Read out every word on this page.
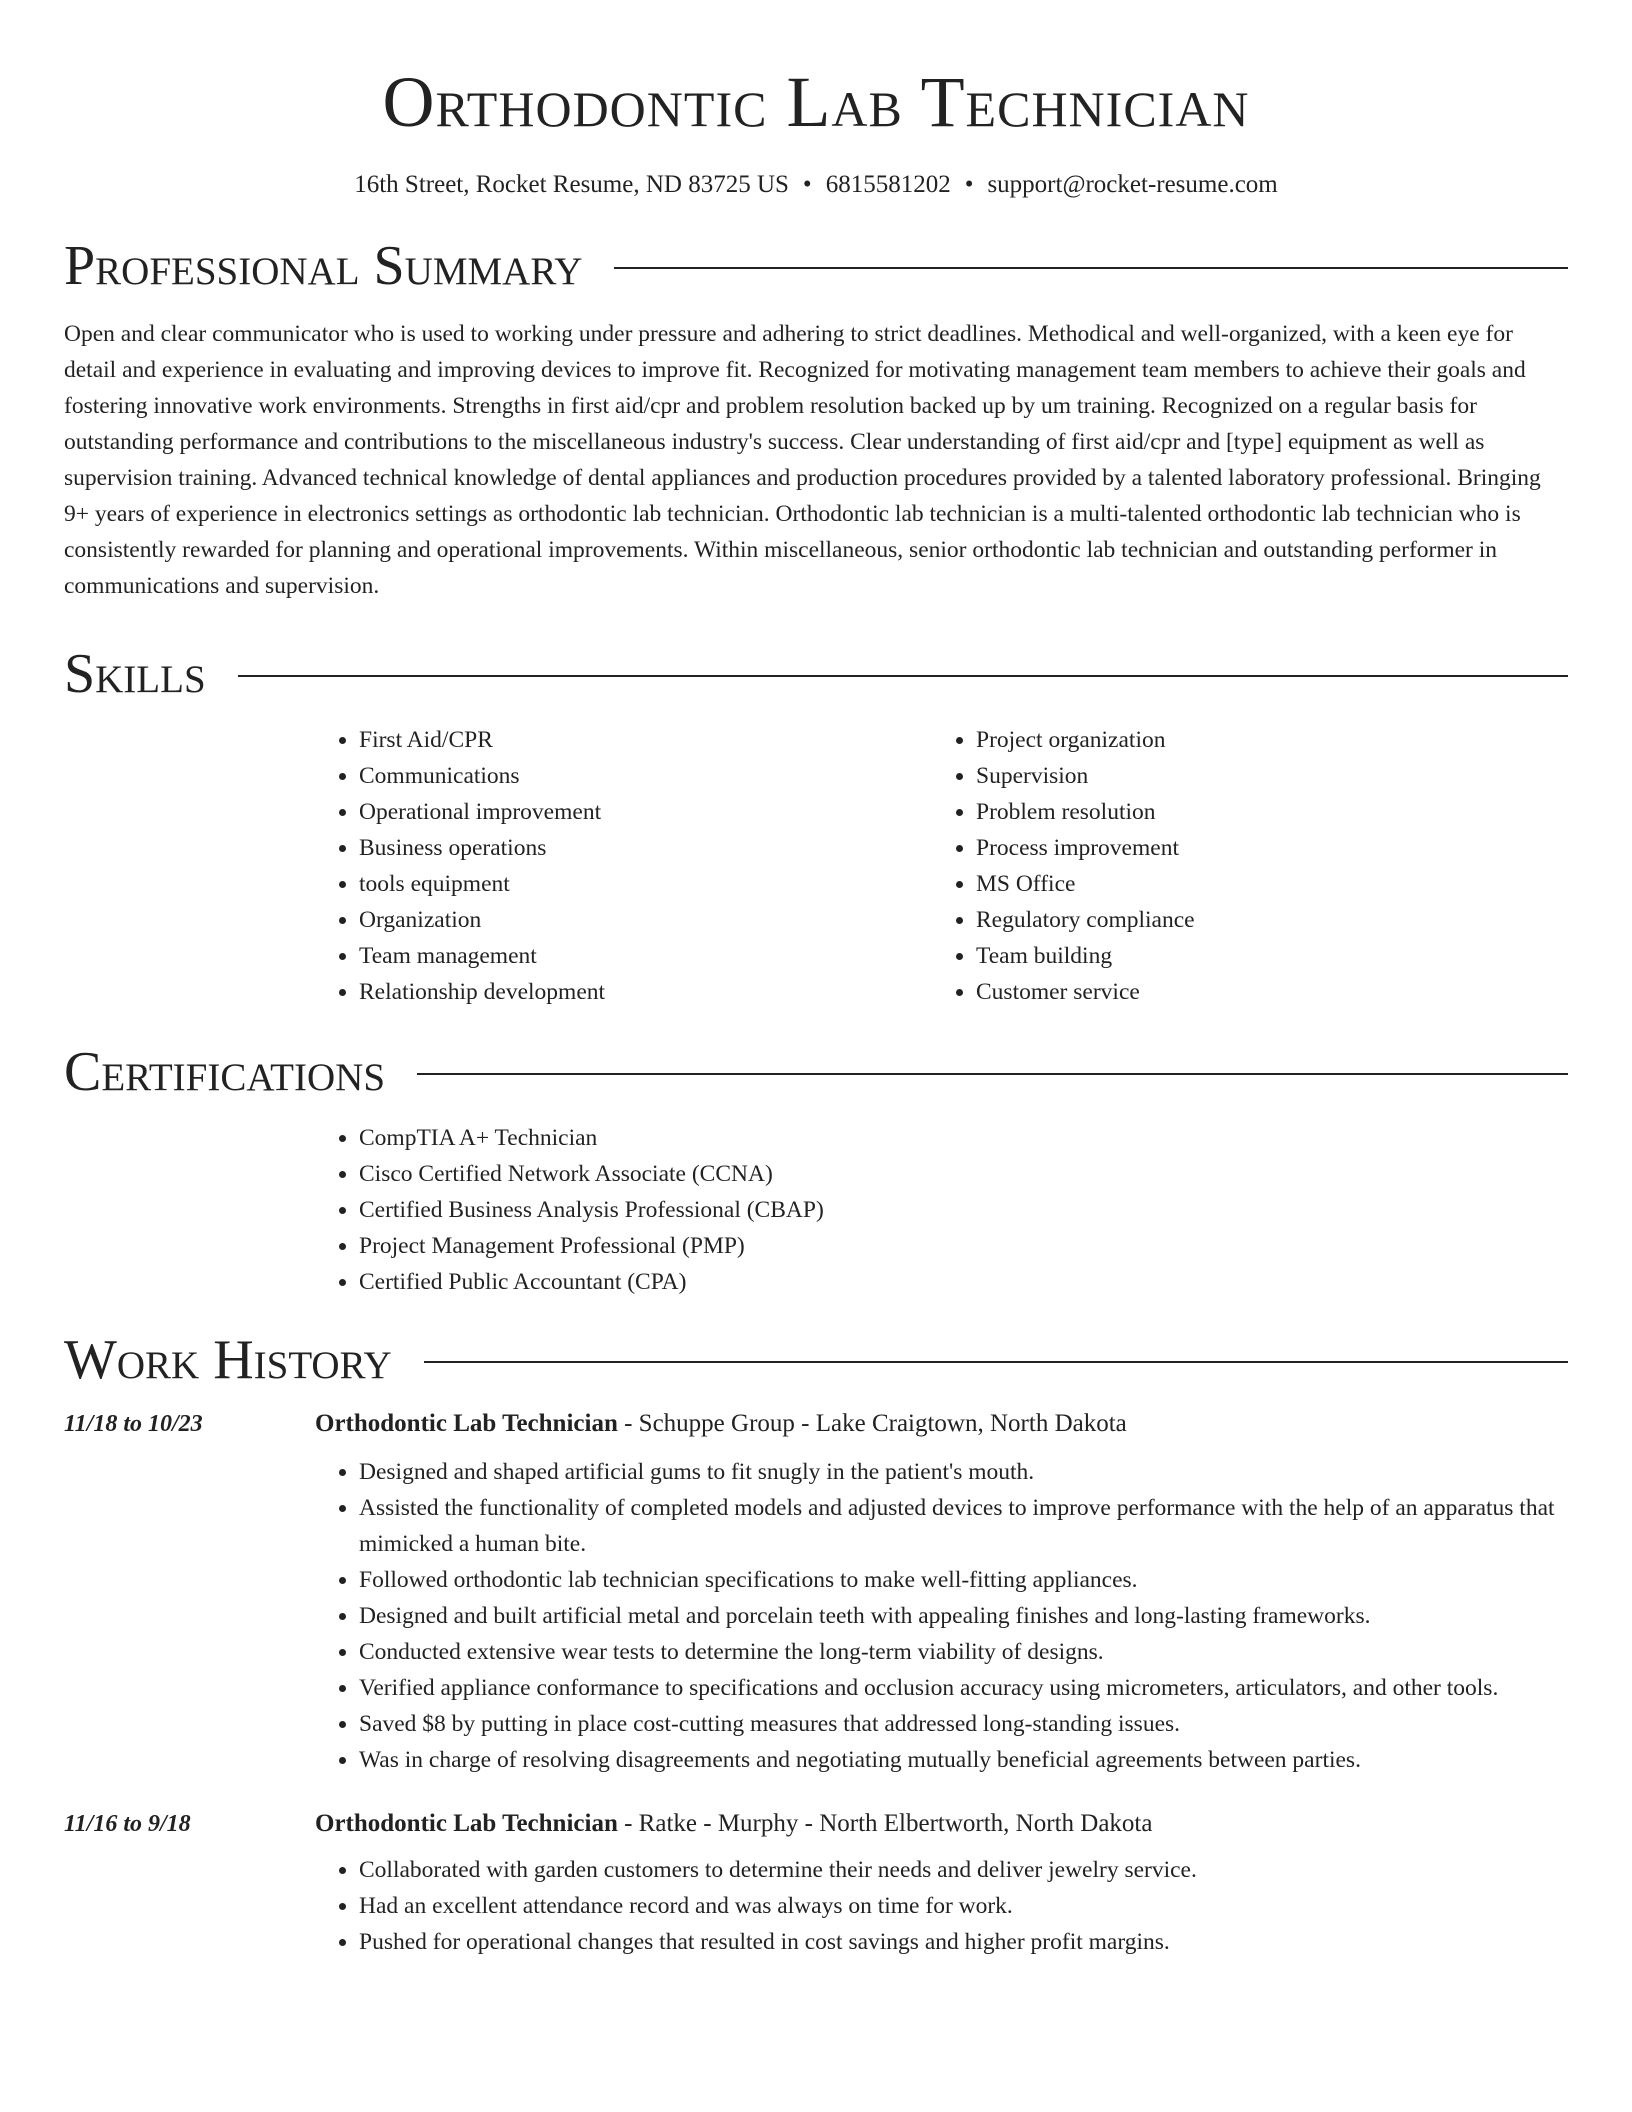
Orthodontic Lab Technician
16th Street, Rocket Resume, ND 83725 US • 6815581202 • support@rocket-resume.com
Professional Summary

Open and clear communicator who is used to working under pressure and adhering to strict deadlines. Methodical and well-organized, with a keen eye for detail and experience in evaluating and improving devices to improve fit. Recognized for motivating management team members to achieve their goals and fostering innovative work environments. Strengths in first aid/cpr and problem resolution backed up by um training. Recognized on a regular basis for outstanding performance and contributions to the miscellaneous industry's success. Clear understanding of first aid/cpr and [type] equipment as well as supervision training. Advanced technical knowledge of dental appliances and production procedures provided by a talented laboratory professional. Bringing 9+ years of experience in electronics settings as orthodontic lab technician. Orthodontic lab technician is a multi-talented orthodontic lab technician who is consistently rewarded for planning and operational improvements. Within miscellaneous, senior orthodontic lab technician and outstanding performer in communications and supervision.

Skills
• First Aid/CPR
• Communications
• Operational improvement
• Business operations
• tools equipment
• Organization
• Team management
• Relationship development
• Project organization
• Supervision
• Problem resolution
• Process improvement
• MS Office
• Regulatory compliance
• Team building
• Customer service
Certifications
• CompTIA A+ Technician
• Cisco Certified Network Associate (CCNA)
• Certified Business Analysis Professional (CBAP)
• Project Management Professional (PMP)
• Certified Public Accountant (CPA)
Work History
11/18 to 10/23	Orthodontic Lab Technician - Schuppe Group - Lake Craigtown, North Dakota
• Designed and shaped artificial gums to fit snugly in the patient's mouth.
• Assisted the functionality of completed models and adjusted devices to improve performance with the help of an apparatus that mimicked a human bite.
• Followed orthodontic lab technician specifications to make well-fitting appliances.
• Designed and built artificial metal and porcelain teeth with appealing finishes and long-lasting frameworks.
• Conducted extensive wear tests to determine the long-term viability of designs.
• Verified appliance conformance to specifications and occlusion accuracy using micrometers, articulators, and other tools.
• Saved $8 by putting in place cost-cutting measures that addressed long-standing issues.
• Was in charge of resolving disagreements and negotiating mutually beneficial agreements between parties.
11/16 to 9/18	Orthodontic Lab Technician - Ratke - Murphy - North Elbertworth, North Dakota
• Collaborated with garden customers to determine their needs and deliver jewelry service.
• Had an excellent attendance record and was always on time for work.
• Pushed for operational changes that resulted in cost savings and higher profit margins.
